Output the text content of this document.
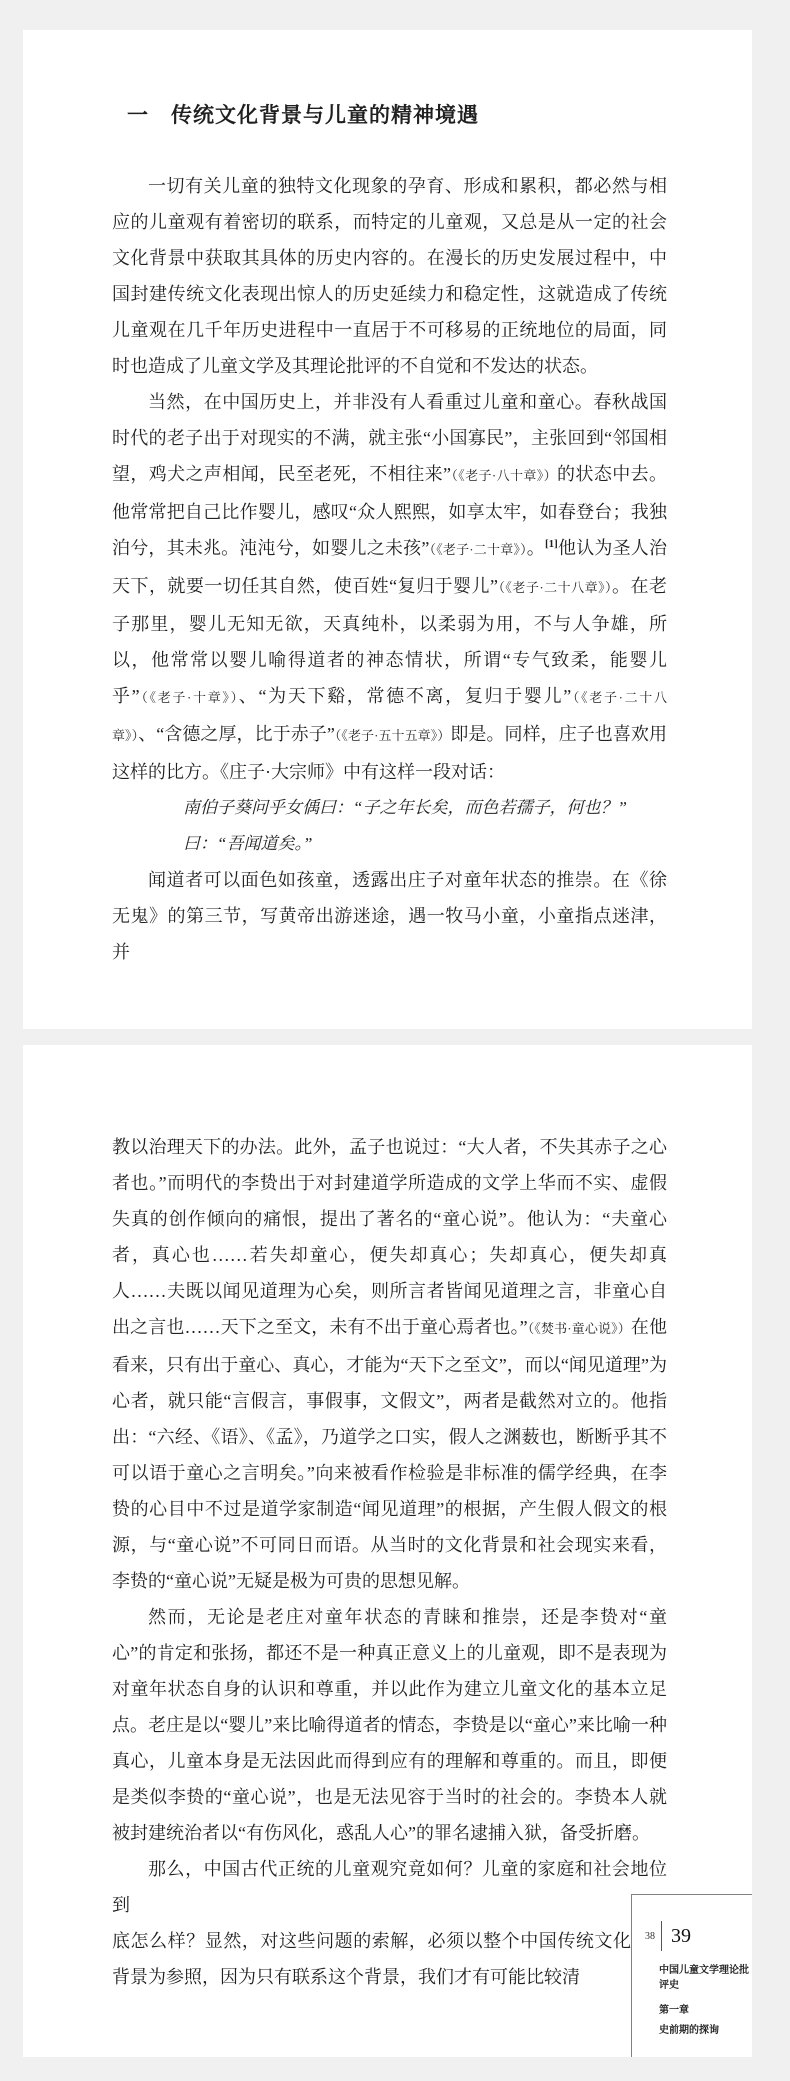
一　传统文化背景与儿童的精神境遇

一切有关儿童的独特文化现象的孕育、形成和累积，都必然与相应的儿童观有着密切的联系，而特定的儿童观，又总是从一定的社会文化背景中获取其具体的历史内容的。在漫长的历史发展过程中，中国封建传统文化表现出惊人的历史延续力和稳定性，这就造成了传统儿童观在几千年历史进程中一直居于不可移易的正统地位的局面，同时也造成了儿童文学及其理论批评的不自觉和不发达的状态。

当然，在中国历史上，并非没有人看重过儿童和童心。春秋战国时代的老子出于对现实的不满，就主张“小国寡民”，主张回到“邻国相望，鸡犬之声相闻，民至老死，不相往来”（《老子·八十章》）的状态中去。他常常把自己比作婴儿，感叹“众人熙熙，如享太牢，如春登台；我独泊兮，其未兆。沌沌兮，如婴儿之未孩”（《老子·二十章》）。[1]他认为圣人治天下，就要一切任其自然，使百姓“复归于婴儿”（《老子·二十八章》）。在老子那里，婴儿无知无欲，天真纯朴，以柔弱为用，不与人争雄，所以，他常常以婴儿喻得道者的神态情状，所谓“专气致柔，能婴儿乎”（《老子·十章》）、“为天下谿，常德不离，复归于婴儿”（《老子·二十八章》）、“含德之厚，比于赤子”（《老子·五十五章》）即是。同样，庄子也喜欢用这样的比方。《庄子·大宗师》中有这样一段对话：

南伯子葵问乎女偊曰：“子之年长矣，而色若孺子，何也？”
曰：“吾闻道矣。”

闻道者可以面色如孩童，透露出庄子对童年状态的推崇。在《徐无鬼》的第三节，写黄帝出游迷途，遇一牧马小童，小童指点迷津，并

教以治理天下的办法。此外，孟子也说过：“大人者，不失其赤子之心者也。”而明代的李贽出于对封建道学所造成的文学上华而不实、虚假失真的创作倾向的痛恨，提出了著名的“童心说”。他认为：“夫童心者，真心也……若失却童心，便失却真心；失却真心，便失却真人……夫既以闻见道理为心矣，则所言者皆闻见道理之言，非童心自出之言也……天下之至文，未有不出于童心焉者也。”（《焚书·童心说》）在他看来，只有出于童心、真心，才能为“天下之至文”，而以“闻见道理”为心者，就只能“言假言，事假事，文假文”，两者是截然对立的。他指出：“六经、《语》、《孟》，乃道学之口实，假人之渊薮也，断断乎其不可以语于童心之言明矣。”向来被看作检验是非标准的儒学经典，在李贽的心目中不过是道学家制造“闻见道理”的根据，产生假人假文的根源，与“童心说”不可同日而语。从当时的文化背景和社会现实来看，李贽的“童心说”无疑是极为可贵的思想见解。

然而，无论是老庄对童年状态的青睐和推崇，还是李贽对“童心”的肯定和张扬，都还不是一种真正意义上的儿童观，即不是表现为对童年状态自身的认识和尊重，并以此作为建立儿童文化的基本立足点。老庄是以“婴儿”来比喻得道者的情态，李贽是以“童心”来比喻一种真心，儿童本身是无法因此而得到应有的理解和尊重的。而且，即便是类似李贽的“童心说”，也是无法见容于当时的社会的。李贽本人就被封建统治者以“有伤风化，惑乱人心”的罪名逮捕入狱，备受折磨。

那么，中国古代正统的儿童观究竟如何？儿童的家庭和社会地位到

底怎么样？显然，对这些问题的索解，必须以整个中国传统文化背景为参照，因为只有联系这个背景，我们才有可能比较清

38 39
中国儿童文学理论批评史
第一章
史前期的探询
